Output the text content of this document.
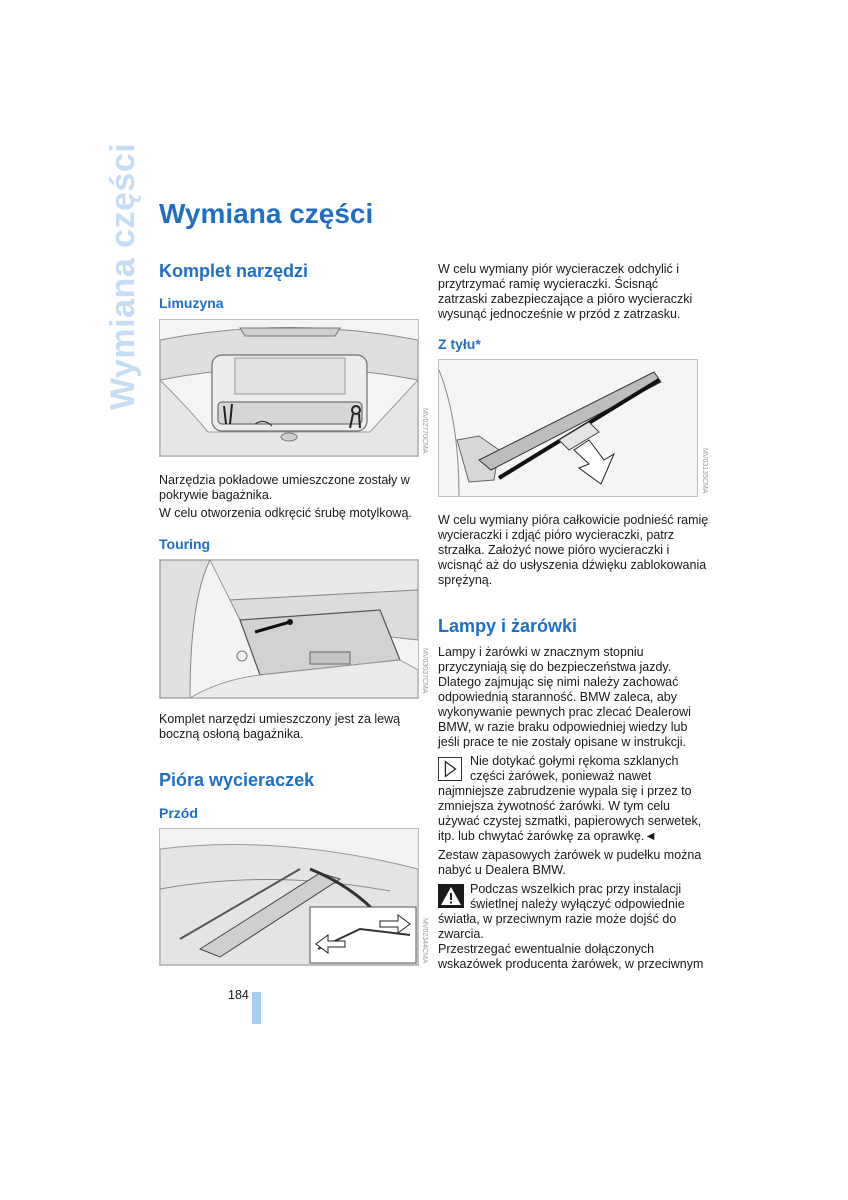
Wymiana części Wymiana części
Komplet narzędzi
Limuzyna
MV02770CMA

Narzędzia pokładowe umieszczone zostały w
pokrywie bagażnika.

W celu otworzenia odkręcić śrubę motylkową.

Touring
MV03037CMA

Komplet narzędzi umieszczony jest za lewą
boczną osłoną bagażnika.

Pióra wycieraczek
Przód
MV02344CMA

W celu wymiany piór wycieraczek odchylić i
przytrzymać ramię wycieraczki. Ścisnąć
zatrzaski zabezpieczające a pióro wycieraczki
wysunąć jednocześnie w przód z zatrzasku.

Z tyłu*
MV03135CMA

W celu wymiany pióra całkowicie podnieść ramię
wycieraczki i zdjąć pióro wycieraczki, patrz
strzałka. Założyć nowe pióro wycieraczki i
wcisnąć aż do usłyszenia dźwięku zablokowania
sprężyną.

Lampy i żarówki

Lampy i żarówki w znacznym stopniu
przyczyniają się do bezpieczeństwa jazdy.
Dlatego zajmując się nimi należy zachować
odpowiednią staranność. BMW zaleca, aby
wykonywanie pewnych prac zlecać Dealerowi
BMW, w razie braku odpowiedniej wiedzy lub
jeśli prace te nie zostały opisane w instrukcji.

Nie dotykać gołymi rękoma szklanych
części żarówek, ponieważ nawet

najmniejsze zabrudzenie wypala się i przez to
zmniejsza żywotność żarówki. W tym celu
używać czystej szmatki, papierowych serwetek,
itp. lub chwytać żarówkę za oprawkę.◄

Zestaw zapasowych żarówek w pudełku można
nabyć u Dealera BMW.

Podczas wszelkich prac przy instalacji
świetlnej należy wyłączyć odpowiednie

światła, w przeciwnym razie może dojść do
zwarcia.

Przestrzegać ewentualnie dołączonych
wskazówek producenta żarówek, w przeciwnym

184
